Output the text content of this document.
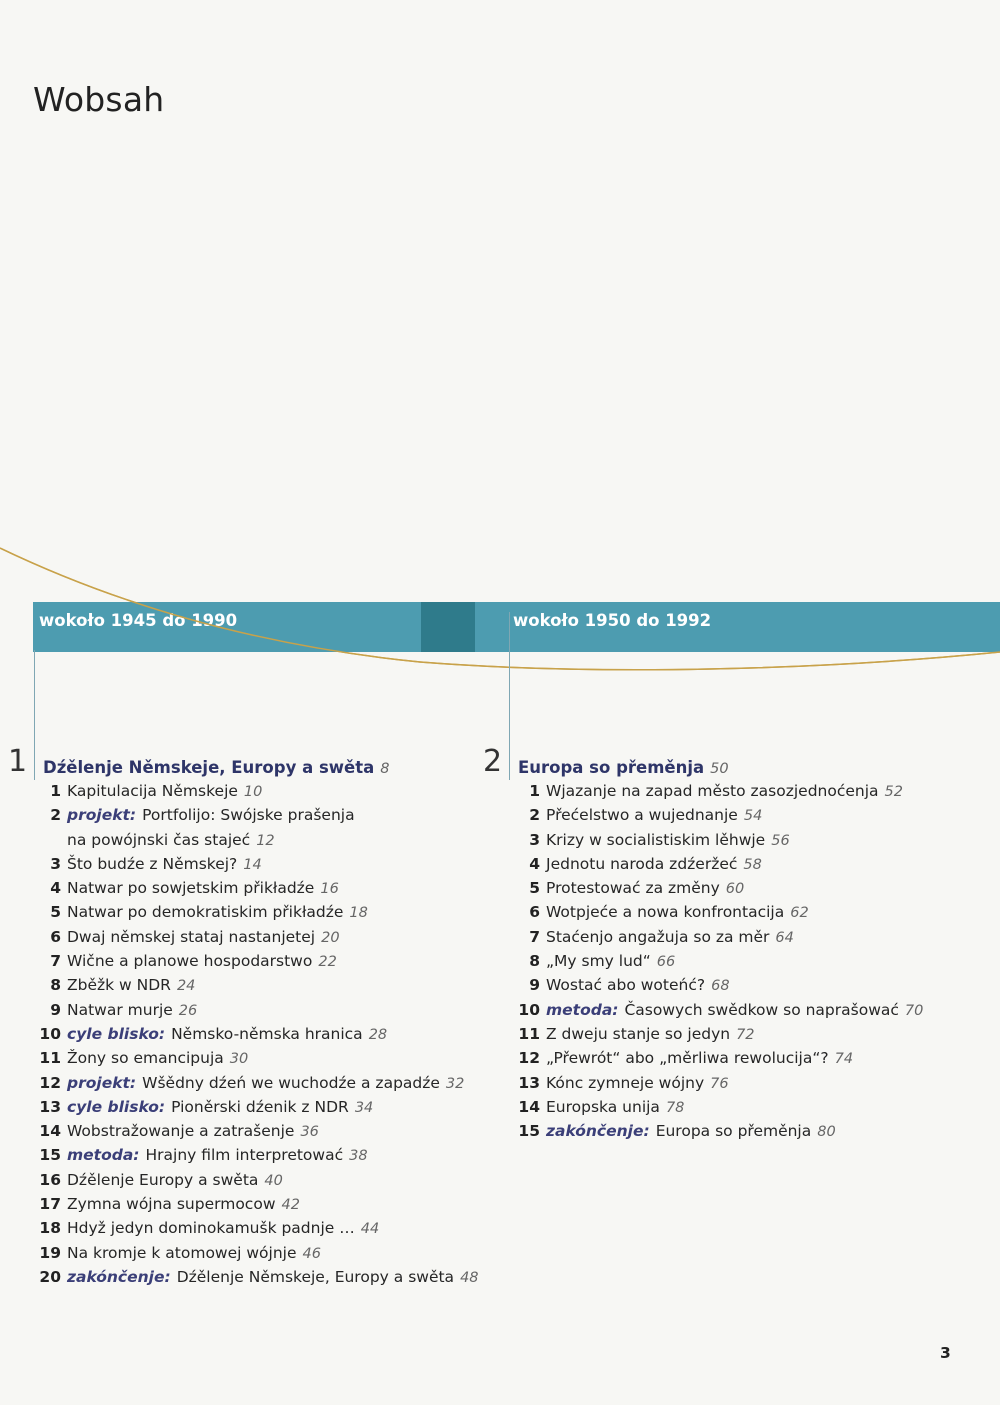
Wobsah
wokoło 1945 do 1990	wokoło 1950 do 1992
1 Dźělenje Němskeje, Europy a swěta 8
1 Kapitulacija Němskeje 10
2 projekt: Portfolijo: Swójske prašenja
na powójnski čas stajeć 12
3 Što budźe z Němskej? 14
4 Natwar po sowjetskim přikładźe 16
5 Natwar po demokratiskim přikładźe 18
6 Dwaj němskej stataj nastanjetej 20
7 Wične a planowe hospodarstwo 22
8 Zběžk w NDR 24
9 Natwar murje 26
10 cyle blisko: Němsko-němska hranica 28
11 Žony so emancipuja 30
12 projekt: Wšědny dźeń we wuchodźe a zapadźe 32
13 cyle blisko: Pioněrski dźenik z NDR 34
14 Wobstražowanje a zatrašenje 36
15 metoda: Hrajny film interpretować 38
16 Dźělenje Europy a swěta 40
17 Zymna wójna supermocow 42
18 Hdyž jedyn dominokamušk padnje … 44
19 Na kromje k atomowej wójnje 46
20 zakónčenje: Dźělenje Němskeje, Europy a swěta 48
2 Europa so přeměnja 50
1 Wjazanje na zapad město zasozjednoćenja 52
2 Přećelstwo a wujednanje 54
3 Krizy w socialistiskim lěhwje 56
4 Jednotu naroda zdźeržeć 58
5 Protestować za změny 60
6 Wotpjeće a nowa konfrontacija 62
7 Staćenjo angažuja so za měr 64
8 „My smy lud“ 66
9 Wostać abo woteńć? 68
10 metoda: Časowych swědkow so naprašować 70
11 Z dweju stanje so jedyn 72
12 „Přewrót“ abo „měrliwa rewolucija“? 74
13 Kónc zymneje wójny 76
14 Europska unija 78
15 zakónčenje: Europa so přeměnja 80
3
